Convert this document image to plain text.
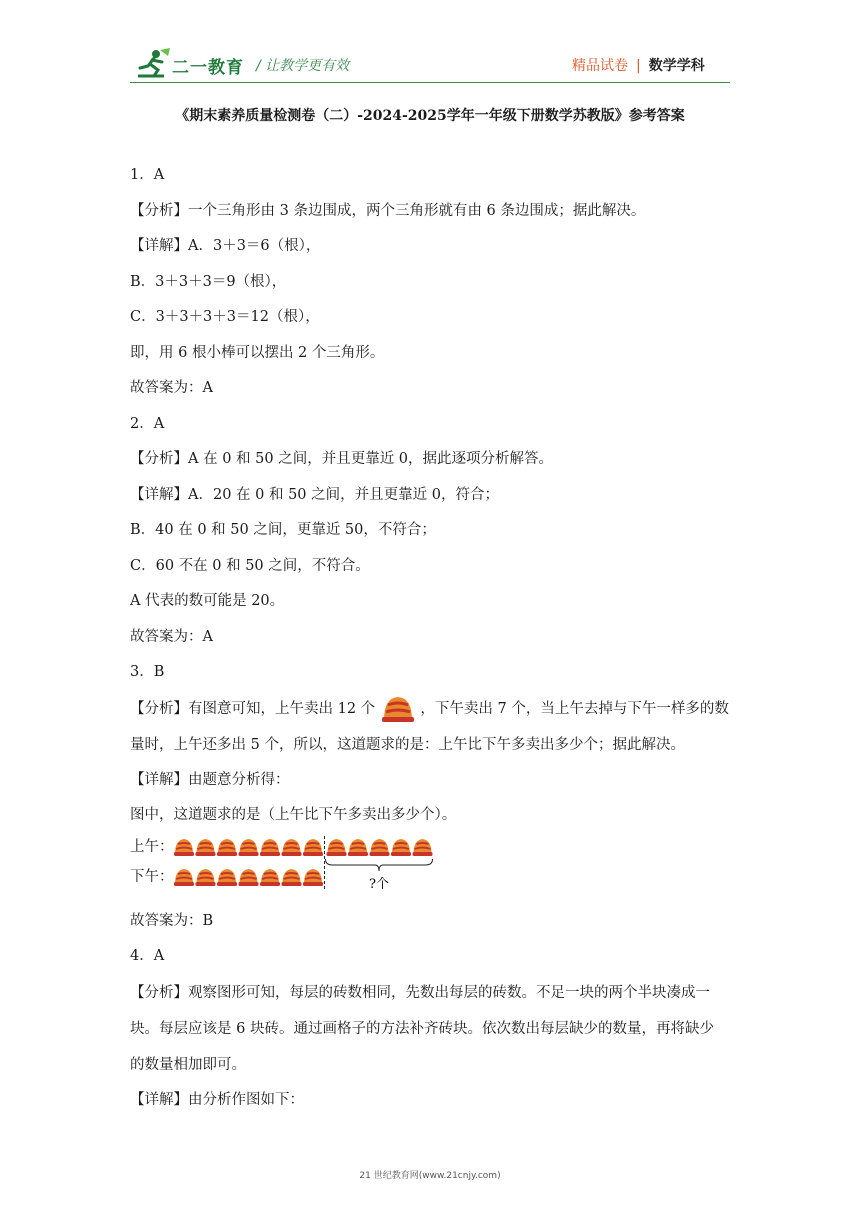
二一教育 / 让教学更有效	精品试卷 | 数学学科
《期末素养质量检测卷（二）-2024-2025学年一年级下册数学苏教版》参考答案

1．A

【分析】一个三角形由 3 条边围成，两个三角形就有由 6 条边围成；据此解决。

【详解】A．3＋3＝6（根），

B．3＋3＋3＝9（根），

C．3＋3＋3＋3＝12（根），

即，用 6 根小棒可以摆出 2 个三角形。

故答案为：A

2．A

【分析】A 在 0 和 50 之间，并且更靠近 0，据此逐项分析解答。

【详解】A．20 在 0 和 50 之间，并且更靠近 0，符合；

B．40 在 0 和 50 之间，更靠近 50，不符合；

C．60 不在 0 和 50 之间，不符合。

A 代表的数可能是 20。

故答案为：A

3．B

【分析】有图意可知，上午卖出 12 个	，下午卖出 7 个，当上午去掉与下午一样多的数
量时，上午还多出 5 个，所以，这道题求的是：上午比下午多卖出多少个；据此解决。

【详解】由题意分析得：

图中，这道题求的是（上午比下午多卖出多少个）。

上午：
下午：	?个

故答案为：B

4．A

【分析】观察图形可知，每层的砖数相同，先数出每层的砖数。不足一块的两个半块凑成一
块。每层应该是 6 块砖。通过画格子的方法补齐砖块。依次数出每层缺少的数量，再将缺少
的数量相加即可。

【详解】由分析作图如下：

21 世纪教育网(www.21cnjy.com)
